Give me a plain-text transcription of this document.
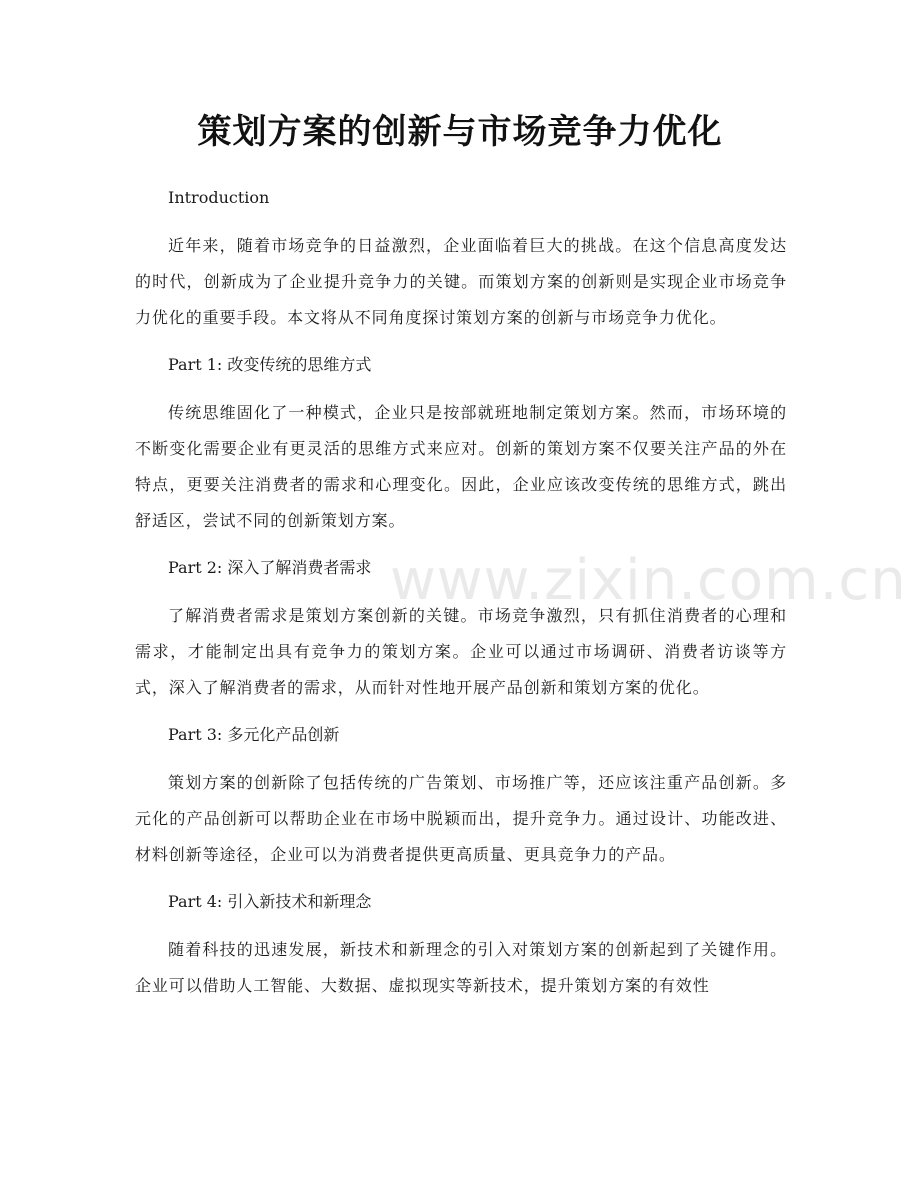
策划方案的创新与市场竞争力优化

Introduction

近年来，随着市场竞争的日益激烈，企业面临着巨大的挑战。在这个信息高度发达的时代，创新成为了企业提升竞争力的关键。而策划方案的创新则是实现企业市场竞争力优化的重要手段。本文将从不同角度探讨策划方案的创新与市场竞争力优化。

Part 1: 改变传统的思维方式

传统思维固化了一种模式，企业只是按部就班地制定策划方案。然而，市场环境的不断变化需要企业有更灵活的思维方式来应对。创新的策划方案不仅要关注产品的外在特点，更要关注消费者的需求和心理变化。因此，企业应该改变传统的思维方式，跳出舒适区，尝试不同的创新策划方案。

Part 2: 深入了解消费者需求

了解消费者需求是策划方案创新的关键。市场竞争激烈，只有抓住消费者的心理和需求，才能制定出具有竞争力的策划方案。企业可以通过市场调研、消费者访谈等方式，深入了解消费者的需求，从而针对性地开展产品创新和策划方案的优化。

Part 3: 多元化产品创新

策划方案的创新除了包括传统的广告策划、市场推广等，还应该注重产品创新。多元化的产品创新可以帮助企业在市场中脱颖而出，提升竞争力。通过设计、功能改进、材料创新等途径，企业可以为消费者提供更高质量、更具竞争力的产品。

Part 4: 引入新技术和新理念

随着科技的迅速发展，新技术和新理念的引入对策划方案的创新起到了关键作用。企业可以借助人工智能、大数据、虚拟现实等新技术，提升策划方案的有效性

www.zixin.com.cn
